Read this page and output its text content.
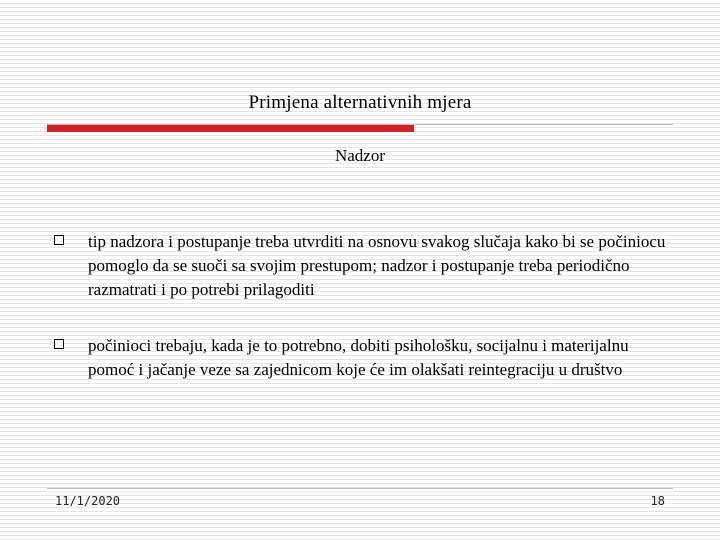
Primjena alternativnih mjera
Nadzor
tip nadzora i postupanje treba utvrditi na osnovu svakog slučaja kako bi se počiniocu pomoglo da se suoči sa svojim prestupom; nadzor i postupanje treba periodično razmatrati i po potrebi prilagoditi
počinioci trebaju, kada je to potrebno, dobiti psihološku, socijalnu i materijalnu pomoć i jačanje veze sa zajednicom koje će im olakšati reintegraciju u društvo
11/1/2020	18
